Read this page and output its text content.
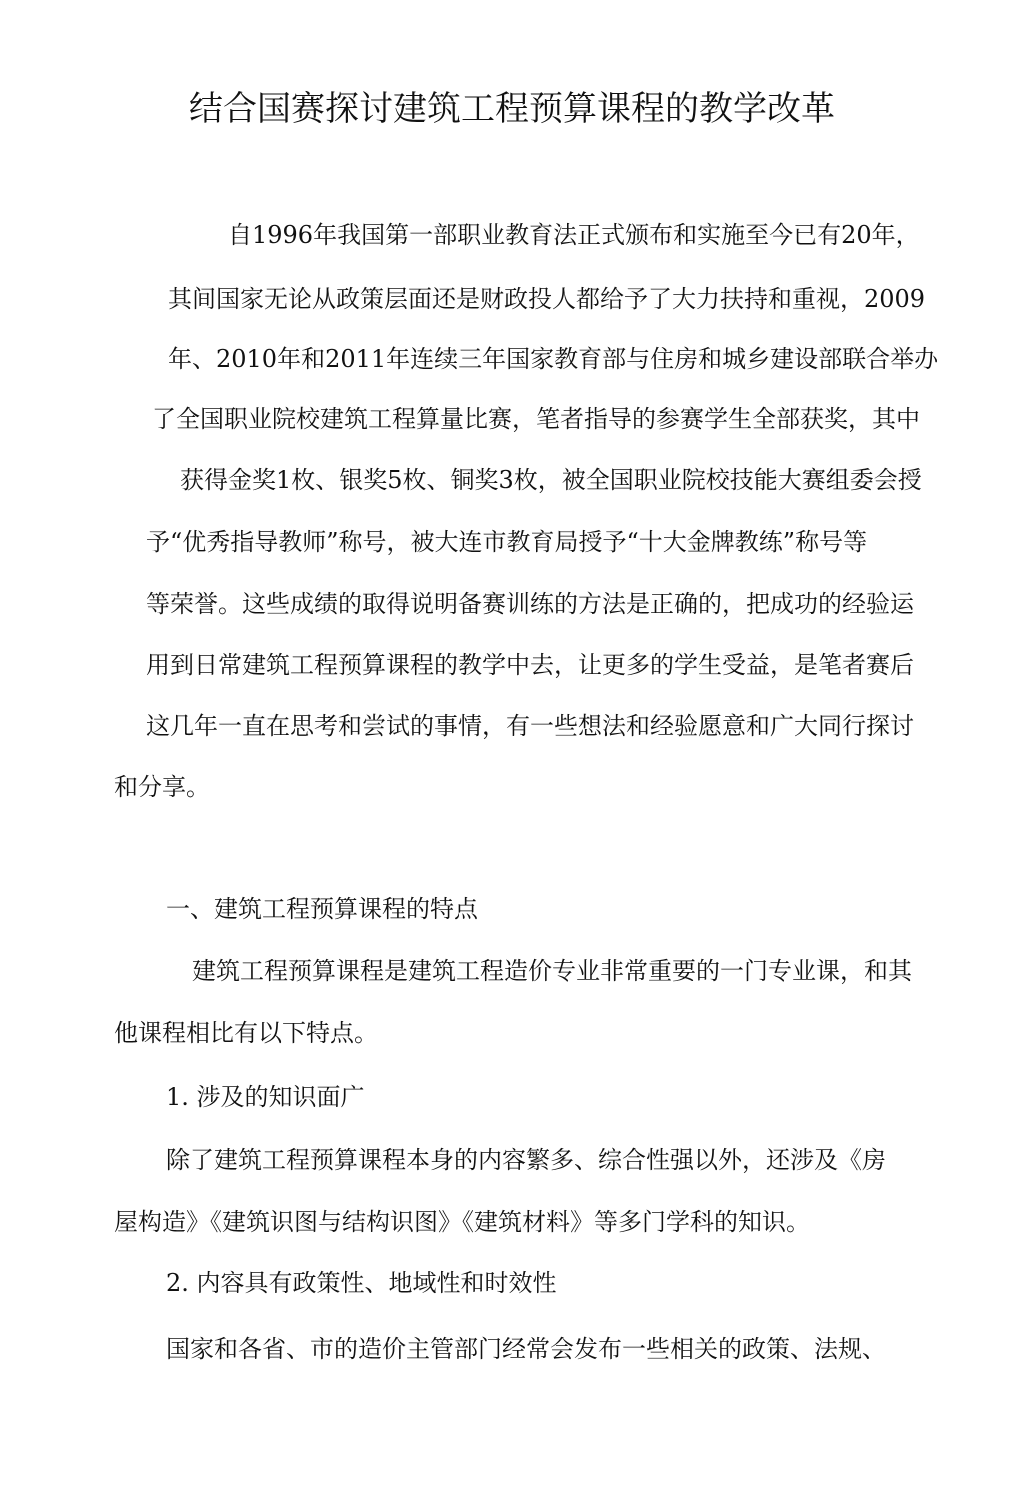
结合国赛探讨建筑工程预算课程的教学改革
自1996年我国第一部职业教育法正式颁布和实施至今已有20年，
其间国家无论从政策层面还是财政投人都给予了大力扶持和重视，2009
年、2010年和2011年连续三年国家教育部与住房和城乡建设部联合举办
了全国职业院校建筑工程算量比赛，笔者指导的参赛学生全部获奖，其中
获得金奖1枚、银奖5枚、铜奖3枚，被全国职业院校技能大赛组委会授
予“优秀指导教师”称号，被大连市教育局授予“十大金牌教练”称号等
等荣誉。这些成绩的取得说明备赛训练的方法是正确的，把成功的经验运
用到日常建筑工程预算课程的教学中去，让更多的学生受益，是笔者赛后
这几年一直在思考和尝试的事情，有一些想法和经验愿意和广大同行探讨
和分享。
一、建筑工程预算课程的特点
建筑工程预算课程是建筑工程造价专业非常重要的一门专业课，和其
他课程相比有以下特点。
1. 涉及的知识面广
除了建筑工程预算课程本身的内容繁多、综合性强以外，还涉及《房
屋构造》《建筑识图与结构识图》《建筑材料》等多门学科的知识。
2. 内容具有政策性、地域性和时效性
国家和各省、市的造价主管部门经常会发布一些相关的政策、法规、
